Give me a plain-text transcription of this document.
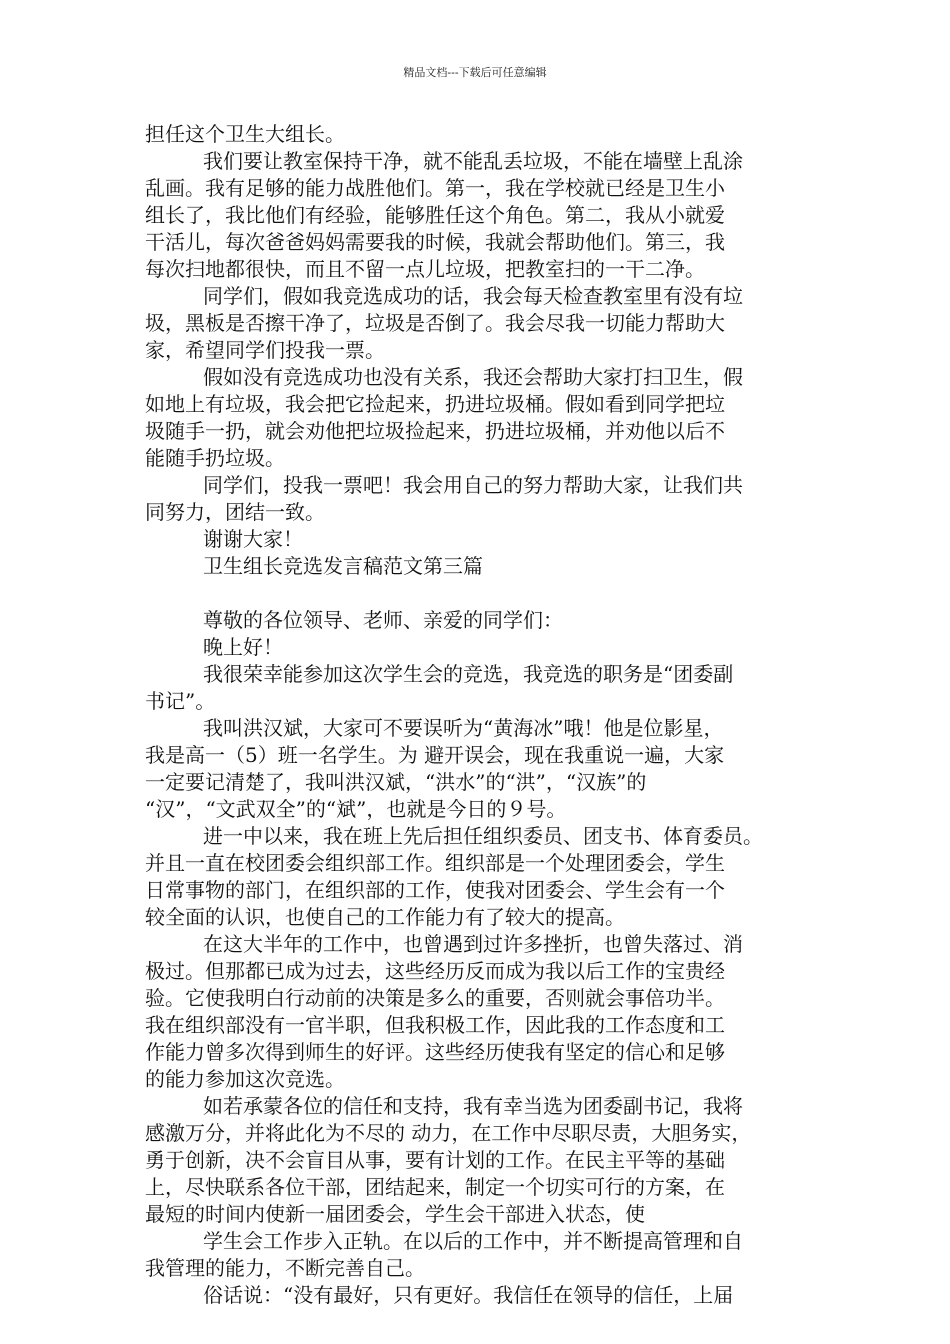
精品文档---下载后可任意编辑
担任这个卫生大组长。
我们要让教室保持干净，就不能乱丢垃圾，不能在墙壁上乱涂
乱画。我有足够的能力战胜他们。第一，我在学校就已经是卫生小
组长了，我比他们有经验，能够胜任这个角色。第二，我从小就爱
干活儿，每次爸爸妈妈需要我的时候，我就会帮助他们。第三，我
每次扫地都很快，而且不留一点儿垃圾，把教室扫的一干二净。
同学们，假如我竞选成功的话，我会每天检查教室里有没有垃
圾，黑板是否擦干净了，垃圾是否倒了。我会尽我一切能力帮助大
家，希望同学们投我一票。
假如没有竞选成功也没有关系，我还会帮助大家打扫卫生，假
如地上有垃圾，我会把它捡起来，扔进垃圾桶。假如看到同学把垃
圾随手一扔，就会劝他把垃圾捡起来，扔进垃圾桶，并劝他以后不
能随手扔垃圾。
同学们，投我一票吧！我会用自己的努力帮助大家，让我们共
同努力，团结一致。
谢谢大家！
卫生组长竞选发言稿范文第三篇
尊敬的各位领导、老师、亲爱的同学们：
晚上好！
我很荣幸能参加这次学生会的竞选，我竞选的职务是“团委副
书记”。
我叫洪汉斌，大家可不要误听为“黄海冰”哦！他是位影星，
我是高一（5）班一名学生。为 避开误会，现在我重说一遍，大家
一定要记清楚了，我叫洪汉斌，“洪水”的“洪”，“汉族”的
“汉”，“文武双全”的“斌”，也就是今日的９号。
进一中以来，我在班上先后担任组织委员、团支书、体育委员。
并且一直在校团委会组织部工作。组织部是一个处理团委会，学生
日常事物的部门，在组织部的工作，使我对团委会、学生会有一个
较全面的认识，也使自己的工作能力有了较大的提高。
在这大半年的工作中，也曾遇到过许多挫折，也曾失落过、消
极过。但那都已成为过去，这些经历反而成为我以后工作的宝贵经
验。它使我明白行动前的决策是多么的重要，否则就会事倍功半。
我在组织部没有一官半职，但我积极工作，因此我的工作态度和工
作能力曾多次得到师生的好评。这些经历使我有坚定的信心和足够
的能力参加这次竞选。
如若承蒙各位的信任和支持，我有幸当选为团委副书记，我将
感激万分，并将此化为不尽的 动力，在工作中尽职尽责，大胆务实，
勇于创新，决不会盲目从事，要有计划的工作。在民主平等的基础
上，尽快联系各位干部，团结起来，制定一个切实可行的方案，在
最短的时间内使新一届团委会，学生会干部进入状态，使
学生会工作步入正轨。在以后的工作中，并不断提高管理和自
我管理的能力，不断完善自己。
俗话说：“没有最好，只有更好。我信任在领导的信任，上届
